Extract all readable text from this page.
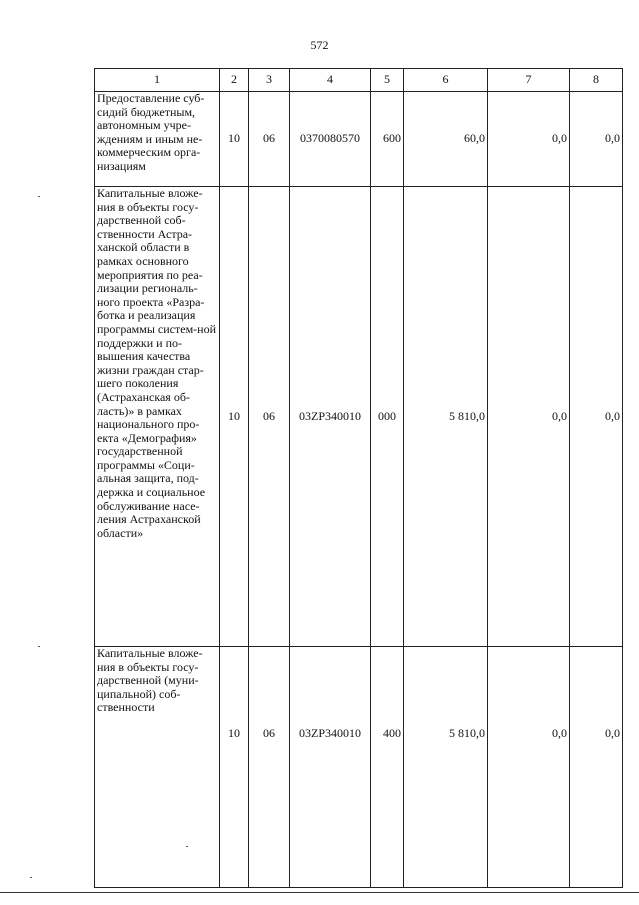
572
1	2	3	4	5	6	7	8
Предоставление суб-сидий бюджетным, автономным учре-ждениям и иным не-коммерческим орга-низациям	10	06	0370080570	600	60,0	0,0	0,0
Капитальные вложе-ния в объекты госу-дарственной соб-ственности Астра-ханской области в рамках основного мероприятия по реа-лизации региональ-ного проекта «Разра-ботка и реализация программы систем-ной поддержки и по-вышения качества жизни граждан стар-шего поколения (Астраханская об-ласть)» в рамках национального про-екта «Демография» государственной программы «Соци-альная защита, под-держка и социальное обслуживание насе-ления Астраханской области»	10	06	03ZP340010	000	5 810,0	0,0	0,0
Капитальные вложе-ния в объекты госу-дарственной (муни-ципальной) соб-ственности	10	06	03ZP340010	400	5 810,0	0,0	0,0
